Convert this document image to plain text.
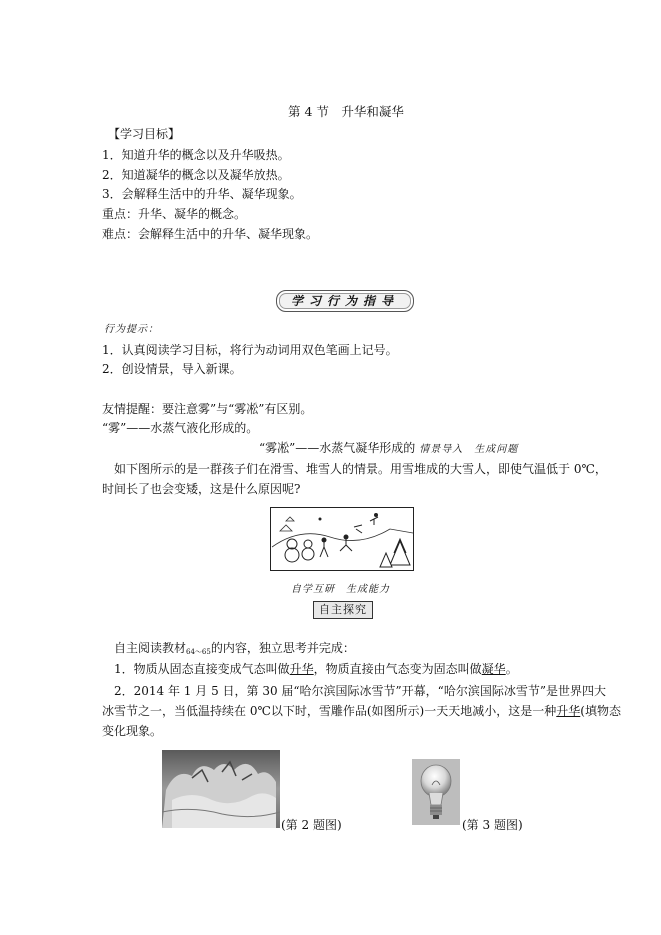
第 4 节　升华和凝华
【学习目标】
1．知道升华的概念以及升华吸热。
2．知道凝华的概念以及凝华放热。
3．会解释生活中的升华、凝华现象。
重点：升华、凝华的概念。
难点：会解释生活中的升华、凝华现象。
学习行为指导
行为提示：
1．认真阅读学习目标，将行为动词用双色笔画上记号。
2．创设情景，导入新课。
友情提醒：要注意雾”与“雾凇”有区别。
“雾”——水蒸气液化形成的。
“雾凇”——水蒸气凝华形成的 情景导入　生成问题
如下图所示的是一群孩子们在滑雪、堆雪人的情景。用雪堆成的大雪人，即使气温低于 0℃，
时间长了也会变矮，这是什么原因呢?
自学互研　生成能力
自主探究
自主阅读教材$_{64\sim 65}$的内容，独立思考并完成：
1．物质从固态直接变成气态叫做升华，物质直接由气态变为固态叫做凝华。
2．2014 年 1 月 5 日，第 30 届“哈尔滨国际冰雪节”开幕，“哈尔滨国际冰雪节”是世界四大
冰雪节之一，当低温持续在 0℃以下时，雪雕作品(如图所示)一天天地减小，这是一种升华(填物态
变化现象。
(第 2 题图)	(第 3 题图)
